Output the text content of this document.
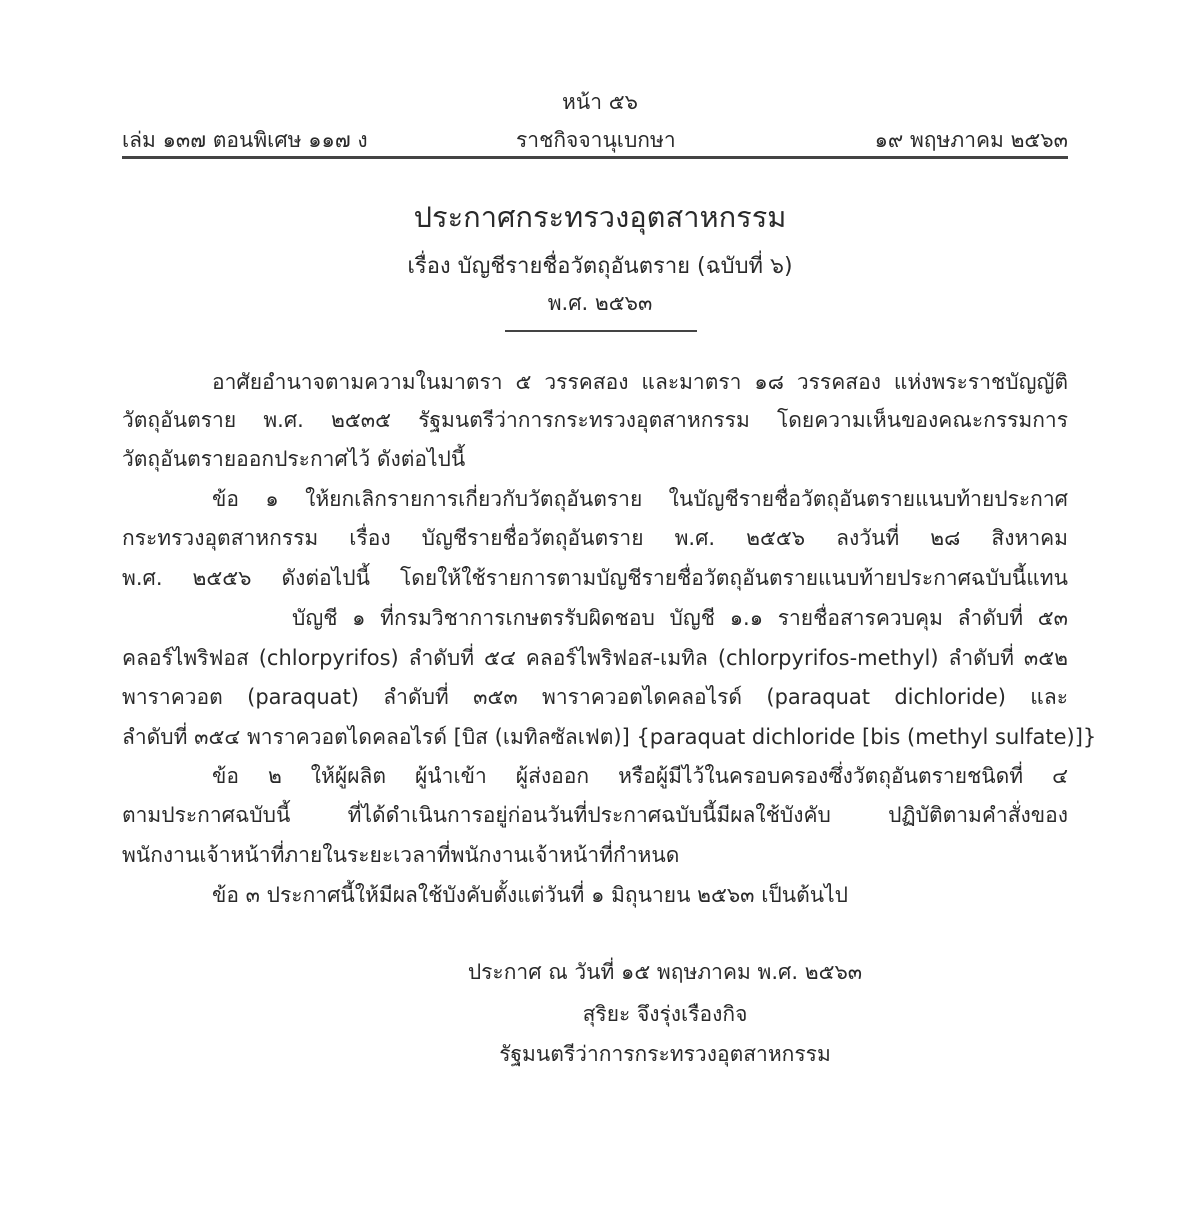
หน้า ๕๖
เล่ม ๑๓๗ ตอนพิเศษ ๑๑๗ ง	ราชกิจจานุเบกษา	๑๙ พฤษภาคม ๒๕๖๓
ประกาศกระทรวงอุตสาหกรรม
เรื่อง บัญชีรายชื่อวัตถุอันตราย (ฉบับที่ ๖)
พ.ศ. ๒๕๖๓
อาศัยอำนาจตามความในมาตรา ๕ วรรคสอง และมาตรา ๑๘ วรรคสอง แห่งพระราชบัญญัติ
วัตถุอันตราย พ.ศ. ๒๕๓๕ รัฐมนตรีว่าการกระทรวงอุตสาหกรรม โดยความเห็นของคณะกรรมการ
วัตถุอันตรายออกประกาศไว้ ดังต่อไปนี้
ข้อ ๑ ให้ยกเลิกรายการเกี่ยวกับวัตถุอันตราย ในบัญชีรายชื่อวัตถุอันตรายแนบท้ายประกาศ
กระทรวงอุตสาหกรรม เรื่อง บัญชีรายชื่อวัตถุอันตราย พ.ศ. ๒๕๕๖ ลงวันที่ ๒๘ สิงหาคม
พ.ศ. ๒๕๕๖ ดังต่อไปนี้ โดยให้ใช้รายการตามบัญชีรายชื่อวัตถุอันตรายแนบท้ายประกาศฉบับนี้แทน
บัญชี ๑ ที่กรมวิชาการเกษตรรับผิดชอบ บัญชี ๑.๑ รายชื่อสารควบคุม ลำดับที่ ๕๓
คลอร์ไพริฟอส (chlorpyrifos) ลำดับที่ ๕๔ คลอร์ไพริฟอส-เมทิล (chlorpyrifos-methyl) ลำดับที่ ๓๕๒
พาราควอต (paraquat) ลำดับที่ ๓๕๓ พาราควอตไดคลอไรด์ (paraquat dichloride) และ
ลำดับที่ ๓๕๔ พาราควอตไดคลอไรด์ [บิส (เมทิลซัลเฟต)] {paraquat dichloride [bis (methyl sulfate)]}
ข้อ ๒ ให้ผู้ผลิต ผู้นำเข้า ผู้ส่งออก หรือผู้มีไว้ในครอบครองซึ่งวัตถุอันตรายชนิดที่ ๔
ตามประกาศฉบับนี้ ที่ได้ดำเนินการอยู่ก่อนวันที่ประกาศฉบับนี้มีผลใช้บังคับ ปฏิบัติตามคำสั่งของ
พนักงานเจ้าหน้าที่ภายในระยะเวลาที่พนักงานเจ้าหน้าที่กำหนด
ข้อ ๓ ประกาศนี้ให้มีผลใช้บังคับตั้งแต่วันที่ ๑ มิถุนายน ๒๕๖๓ เป็นต้นไป
ประกาศ ณ วันที่ ๑๕ พฤษภาคม พ.ศ. ๒๕๖๓
สุริยะ จึงรุ่งเรืองกิจ
รัฐมนตรีว่าการกระทรวงอุตสาหกรรม
